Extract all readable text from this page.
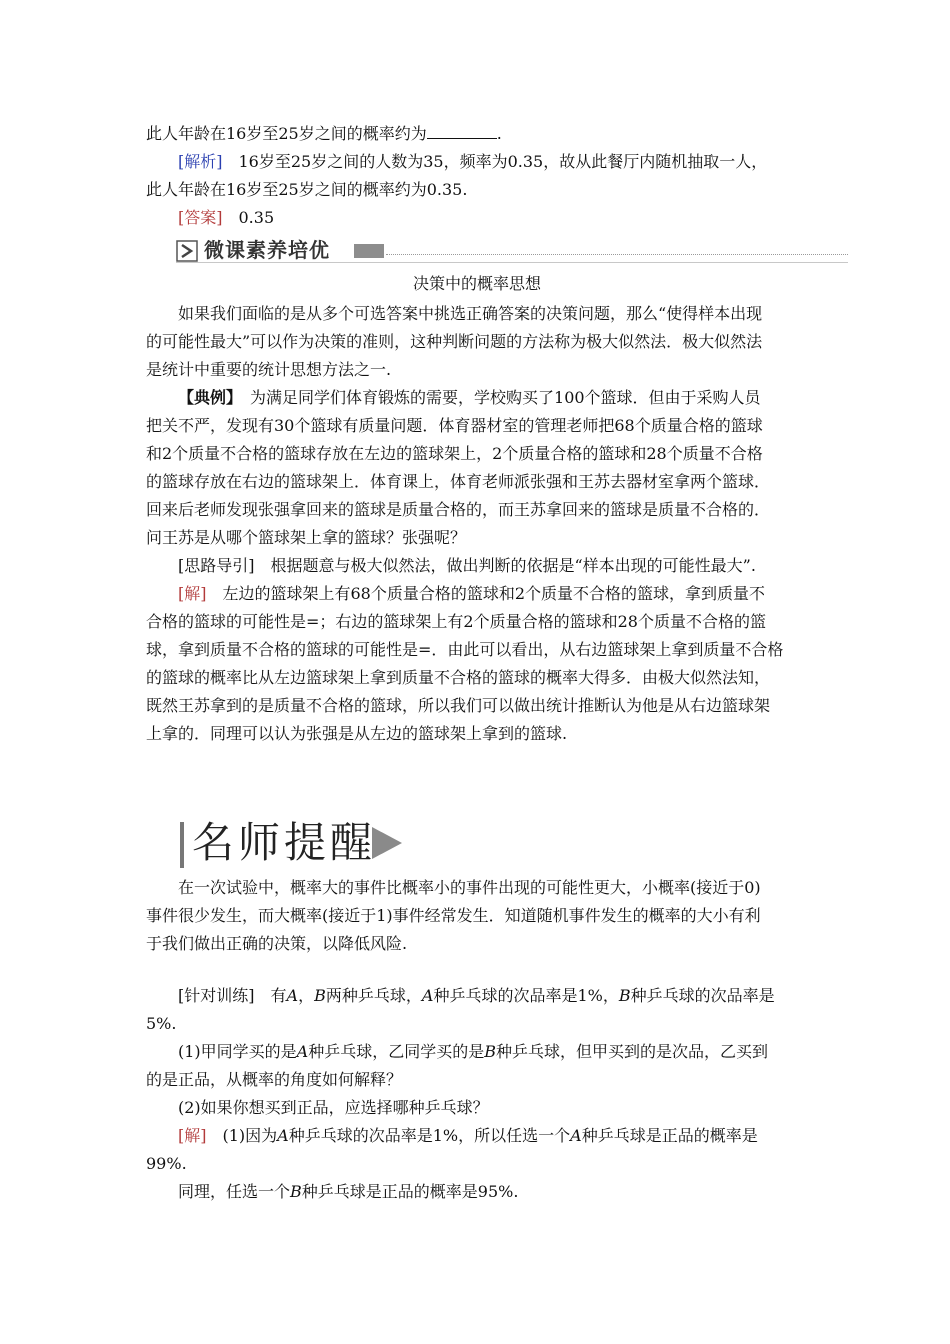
此人年龄在16岁至25岁之间的概率约为	.
[解析]　16岁至25岁之间的人数为35，频率为0.35，故从此餐厅内随机抽取一人，
此人年龄在16岁至25岁之间的概率约为0.35.
[答案]　0.35
微课素养培优
决策中的概率思想
如果我们面临的是从多个可选答案中挑选正确答案的决策问题，那么“使得样本出现
的可能性最大”可以作为决策的准则，这种判断问题的方法称为极大似然法．极大似然法
是统计中重要的统计思想方法之一.
【典例】　为满足同学们体育锻炼的需要，学校购买了100个篮球．但由于采购人员
把关不严，发现有30个篮球有质量问题．体育器材室的管理老师把68个质量合格的篮球
和2个质量不合格的篮球存放在左边的篮球架上，2个质量合格的篮球和28个质量不合格
的篮球存放在右边的篮球架上．体育课上，体育老师派张强和王苏去器材室拿两个篮球．
回来后老师发现张强拿回来的篮球是质量合格的，而王苏拿回来的篮球是质量不合格的．
问王苏是从哪个篮球架上拿的篮球？张强呢？
[思路导引]　根据题意与极大似然法，做出判断的依据是“样本出现的可能性最大”.
[解]　左边的篮球架上有68个质量合格的篮球和2个质量不合格的篮球，拿到质量不
合格的篮球的可能性是=；右边的篮球架上有2个质量合格的篮球和28个质量不合格的篮
球，拿到质量不合格的篮球的可能性是=．由此可以看出，从右边篮球架上拿到质量不合格
的篮球的概率比从左边篮球架上拿到质量不合格的篮球的概率大得多．由极大似然法知，
既然王苏拿到的是质量不合格的篮球，所以我们可以做出统计推断认为他是从右边篮球架
上拿的．同理可以认为张强是从左边的篮球架上拿到的篮球.
名师提醒
在一次试验中，概率大的事件比概率小的事件出现的可能性更大，小概率(接近于0)
事件很少发生，而大概率(接近于1)事件经常发生．知道随机事件发生的概率的大小有利
于我们做出正确的决策，以降低风险.
[针对训练]　有A，B两种乒乓球，A种乒乓球的次品率是1%，B种乒乓球的次品率是
5%.
(1)甲同学买的是A种乒乓球，乙同学买的是B种乒乓球，但甲买到的是次品，乙买到
的是正品，从概率的角度如何解释？
(2)如果你想买到正品，应选择哪种乒乓球？
[解]　(1)因为A种乒乓球的次品率是1%，所以任选一个A种乒乓球是正品的概率是
99%.
同理，任选一个B种乒乓球是正品的概率是95%.
